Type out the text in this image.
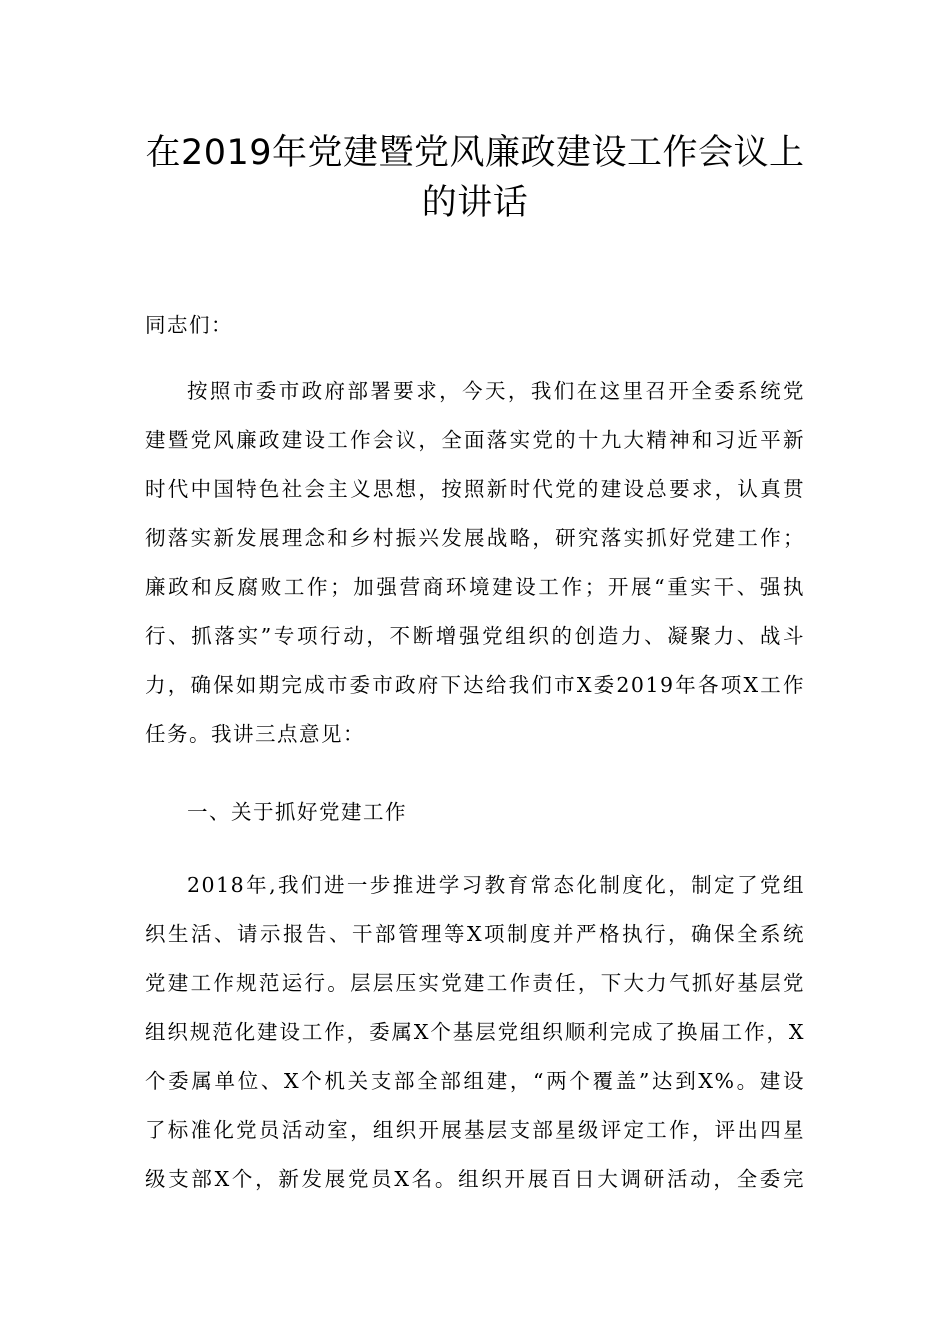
在2019年党建暨党风廉政建设工作会议上
的讲话
同志们：
按照市委市政府部署要求，今天，我们在这里召开全委系统党
建暨党风廉政建设工作会议，全面落实党的十九大精神和习近平新
时代中国特色社会主义思想，按照新时代党的建设总要求，认真贯
彻落实新发展理念和乡村振兴发展战略，研究落实抓好党建工作；
廉政和反腐败工作；加强营商环境建设工作；开展“重实干、强执
行、抓落实”专项行动，不断增强党组织的创造力、凝聚力、战斗
力，确保如期完成市委市政府下达给我们市X委2019年各项X工作
任务。我讲三点意见：
一、关于抓好党建工作
2018年,我们进一步推进学习教育常态化制度化，制定了党组
织生活、请示报告、干部管理等X项制度并严格执行，确保全系统
党建工作规范运行。层层压实党建工作责任，下大力气抓好基层党
组织规范化建设工作，委属X个基层党组织顺利完成了换届工作，X
个委属单位、X个机关支部全部组建，“两个覆盖”达到X%。建设
了标准化党员活动室，组织开展基层支部星级评定工作，评出四星
级支部X个，新发展党员X名。组织开展百日大调研活动，全委完
